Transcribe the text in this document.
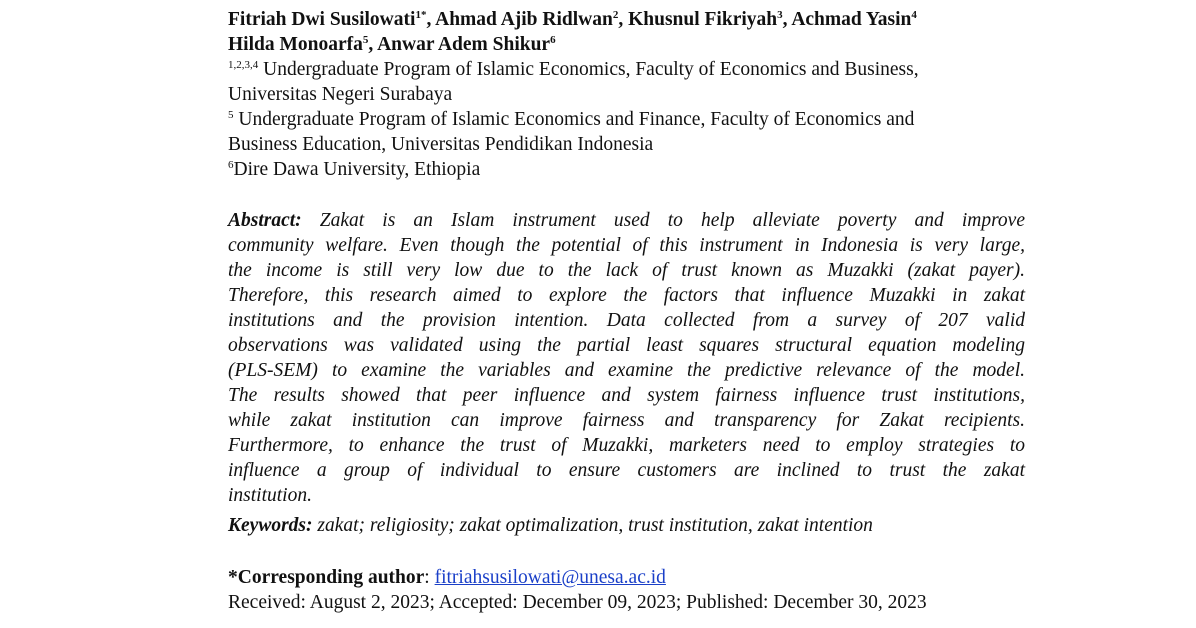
Fitriah Dwi Susilowati$^{1*}$, Ahmad Ajib Ridlwan$^2$, Khusnul Fikriyah$^3$, Achmad Yasin$^4$
Hilda Monoarfa$^5$, Anwar Adem Shikur$^6$
$^{1,2,3,4}$ Undergraduate Program of Islamic Economics, Faculty of Economics and Business,
Universitas Negeri Surabaya
$^5$ Undergraduate Program of Islamic Economics and Finance, Faculty of Economics and
Business Education, Universitas Pendidikan Indonesia
$^6$Dire Dawa University, Ethiopia
Abstract: Zakat is an Islam instrument used to help alleviate poverty and improve
community welfare. Even though the potential of this instrument in Indonesia is very large,
the income is still very low due to the lack of trust known as Muzakki (zakat payer).
Therefore, this research aimed to explore the factors that influence Muzakki in zakat
institutions and the provision intention. Data collected from a survey of 207 valid
observations was validated using the partial least squares structural equation modeling
(PLS-SEM) to examine the variables and examine the predictive relevance of the model.
The results showed that peer influence and system fairness influence trust institutions,
while zakat institution can improve fairness and transparency for Zakat recipients.
Furthermore, to enhance the trust of Muzakki, marketers need to employ strategies to
influence a group of individual to ensure customers are inclined to trust the zakat
institution.
Keywords: zakat; religiosity; zakat optimalization, trust institution, zakat intention
*Corresponding author: fitriahsusilowati@unesa.ac.id
Received: August 2, 2023; Accepted: December 09, 2023; Published: December 30, 2023
